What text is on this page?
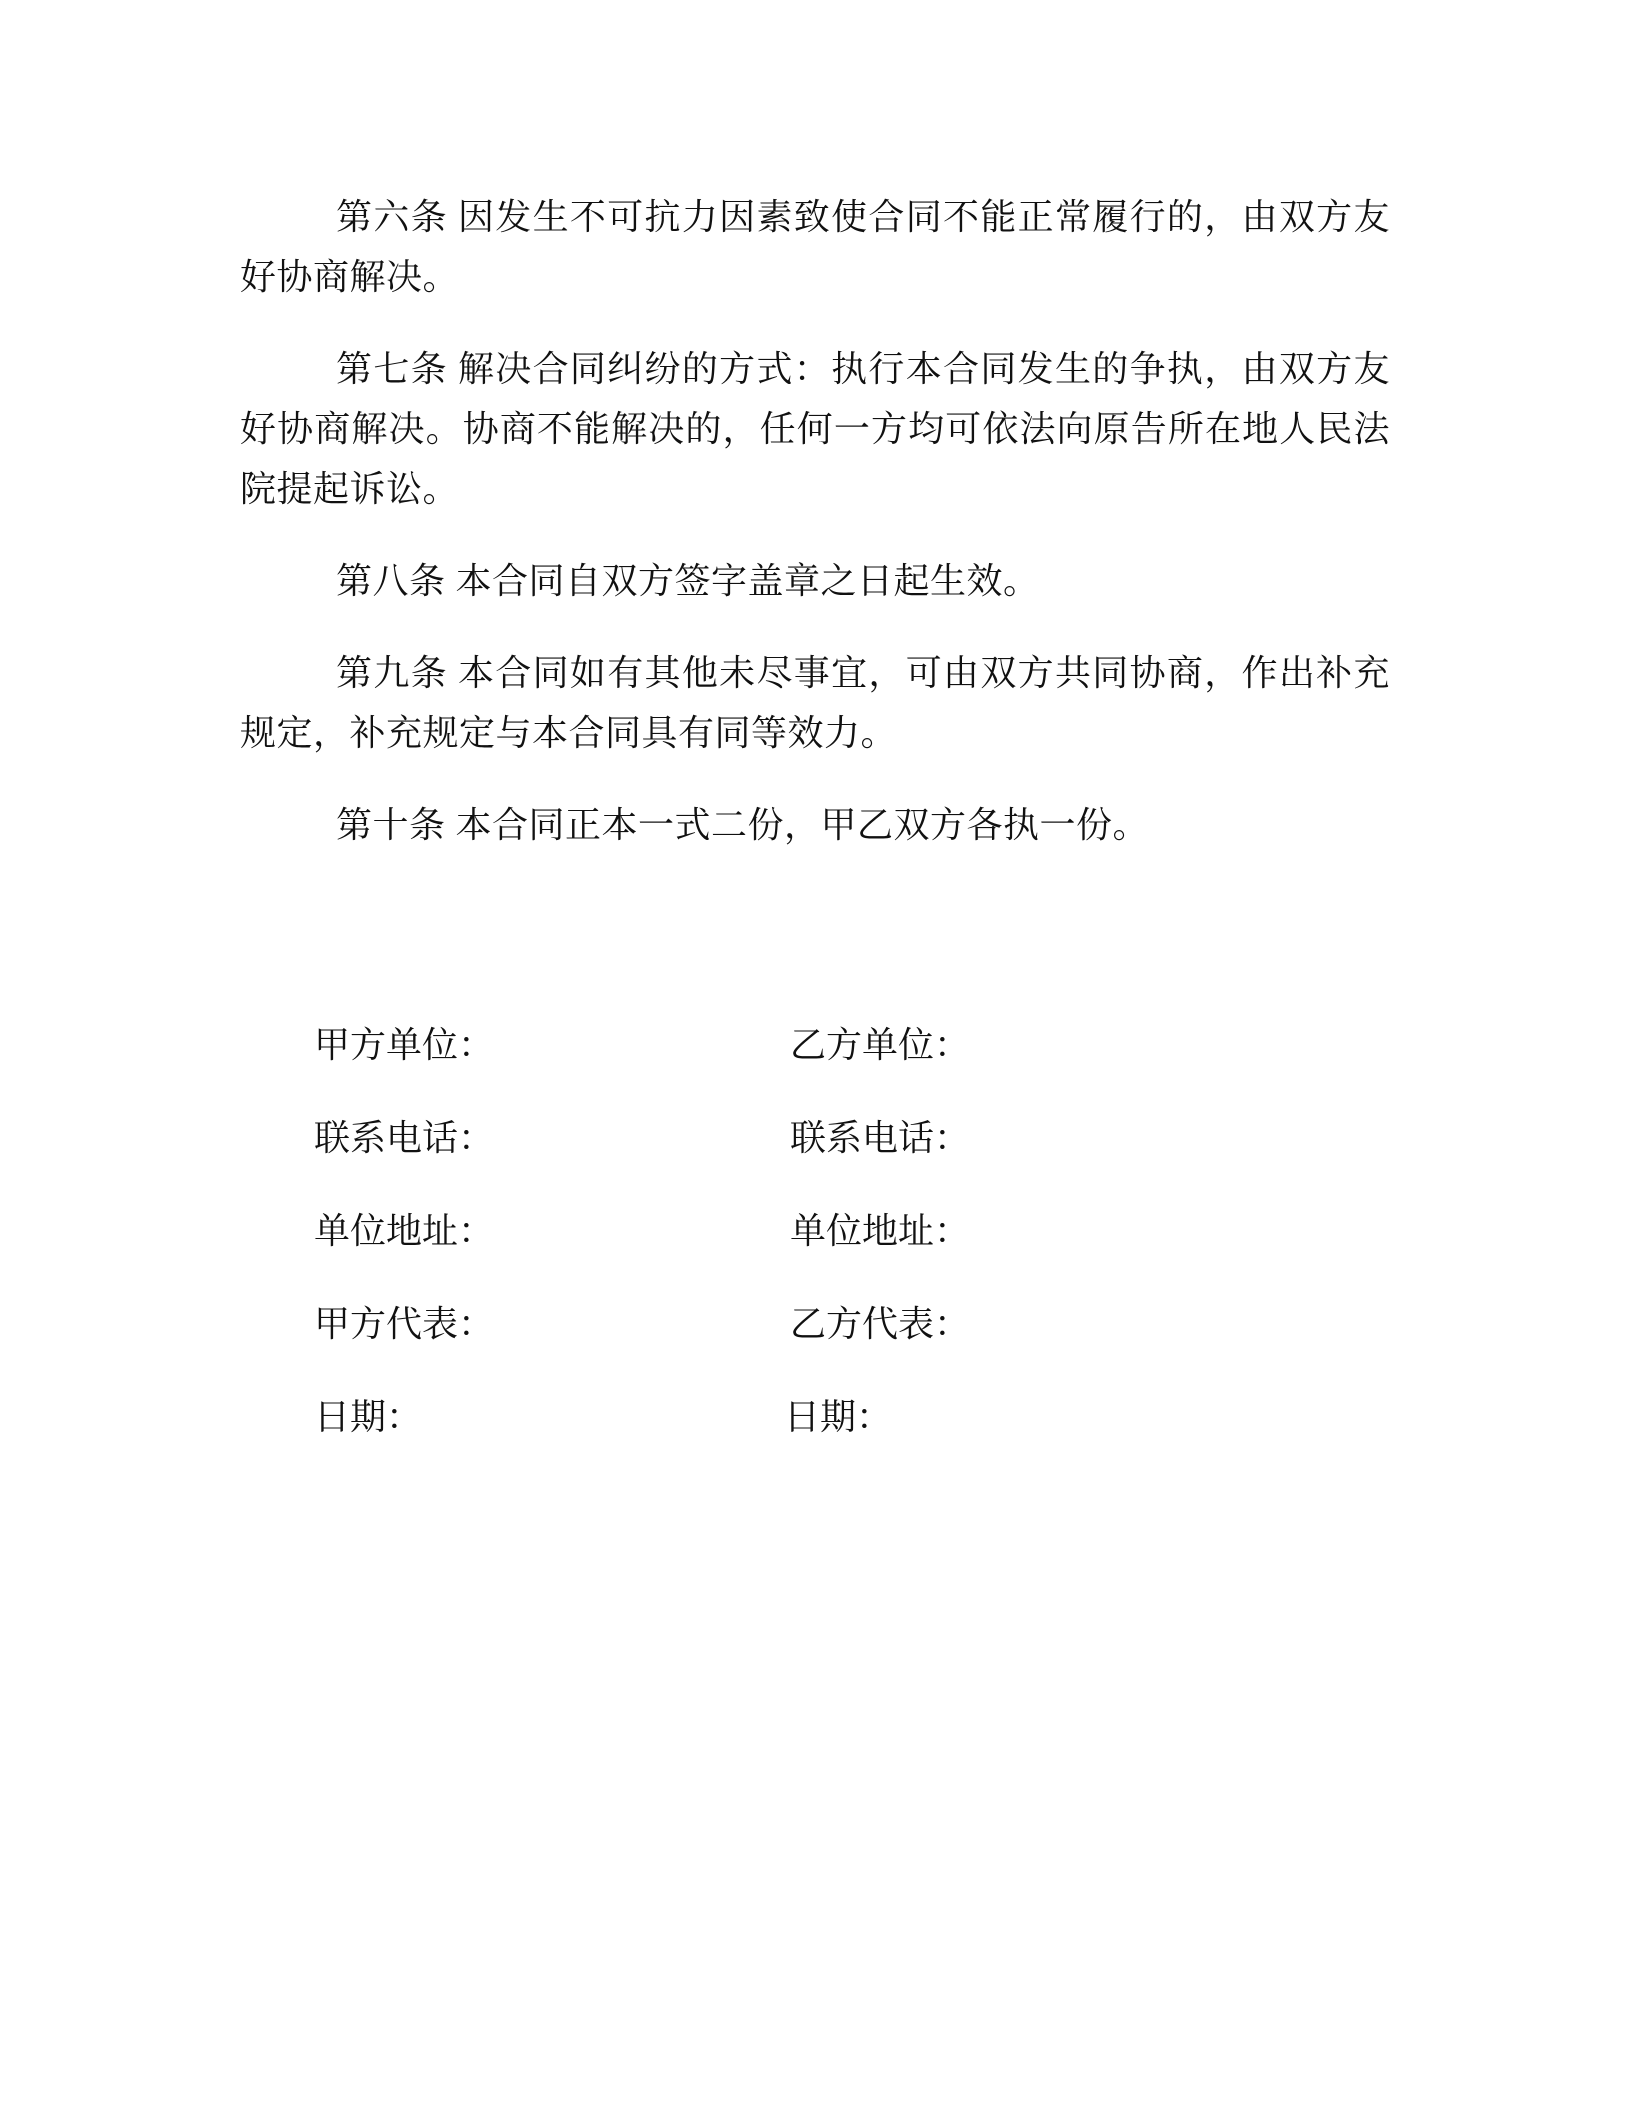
第六条 因发生不可抗力因素致使合同不能正常履行的，由双方友好协商解决。

第七条 解决合同纠纷的方式：执行本合同发生的争执，由双方友好协商解决。协商不能解决的，任何一方均可依法向原告所在地人民法院提起诉讼。

第八条 本合同自双方签字盖章之日起生效。

第九条 本合同如有其他未尽事宜，可由双方共同协商，作出补充规定，补充规定与本合同具有同等效力。

第十条 本合同正本一式二份，甲乙双方各执一份。

甲方单位：	乙方单位：
联系电话：	联系电话：
单位地址：	单位地址：
甲方代表：	乙方代表：
日期：	日期：
